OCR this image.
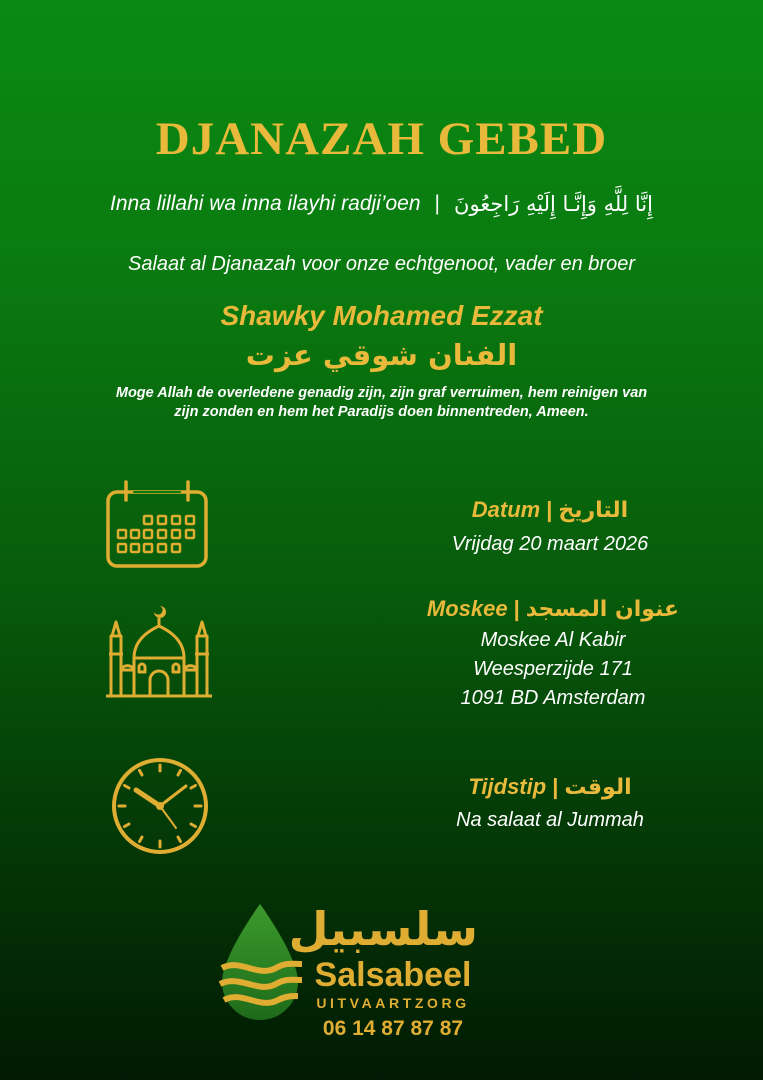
DJANAZAH GEBED
Inna lillahi wa inna ilayhi radji’oen | إِنَّا لِلَّهِ وَإِنَّـا إِلَيْهِ رَاجِعُونَ
Salaat al Djanazah voor onze echtgenoot, vader en broer
Shawky Mohamed Ezzat
الفنان شوقي عزت
Moge Allah de overledene genadig zijn, zijn graf verruimen, hem reinigen van
zijn zonden en hem het Paradijs doen binnentreden, Ameen.
Datum | التاريخ
Vrijdag 20 maart 2026
Moskee | عنوان المسجد
Moskee Al Kabir
Weesperzijde 171
1091 BD Amsterdam
Tijdstip | الوقت
Na salaat al Jummah
سلسبيل
Salsabeel
UITVAARTZORG
06 14 87 87 87
